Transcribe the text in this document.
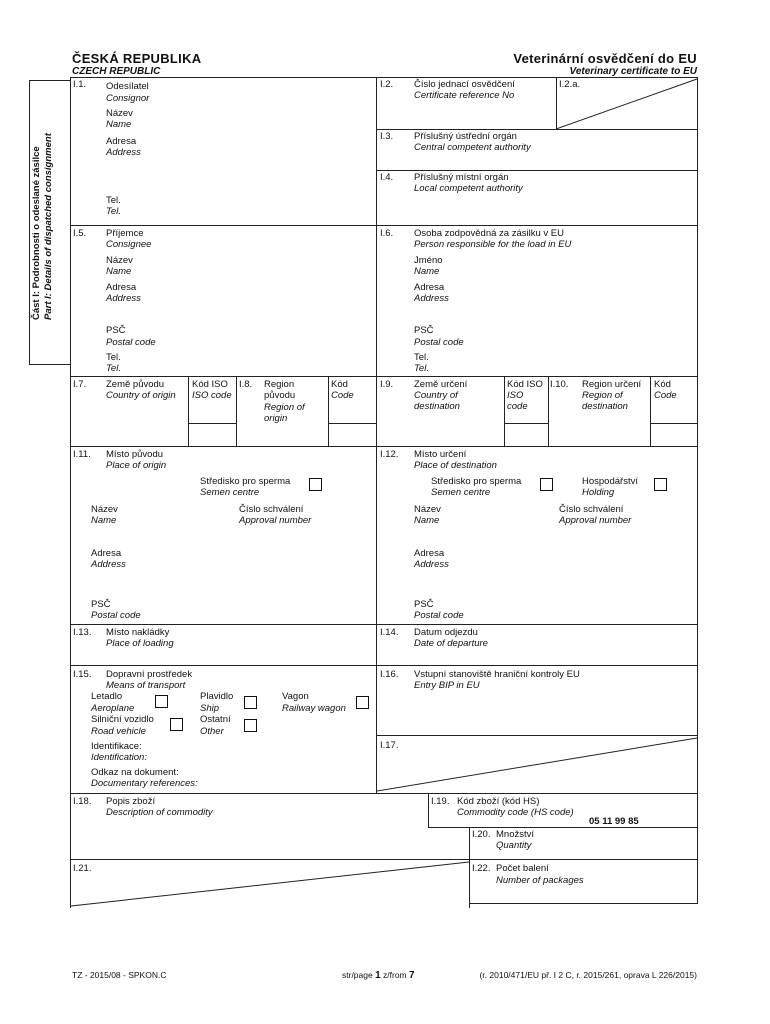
ČESKÁ REPUBLIKA
CZECH REPUBLIC
Veterinární osvědčení do EU
Veterinary certificate to EU
Část I: Podrobnosti o odeslané zásilce Part I: Details of dispatched consignment
I.1. Odesílatel
Consignor
Název
Name
Adresa
Address
Tel.
Tel.
I.2. Číslo jednací osvědčení
Certificate reference No
I.2.a.
I.3. Příslušný ústřední orgán
Central competent authority
I.4. Příslušný místní orgán
Local competent authority
I.5. Příjemce
Consignee
Název
Name
Adresa
Address
PSČ
Postal code
Tel.
Tel.
I.6. Osoba zodpovědná za zásilku v EU
Person responsible for the load in EU
Jméno
Name
Adresa
Address
PSČ
Postal code
Tel.
Tel.
I.7. Země původu
Country of origin
Kód ISO
ISO code
I.8. Region
původu
Region of
origin
Kód
Code
I.9. Země určení
Country of
destination
Kód ISO
ISO
code
I.10. Region určení
Region of
destination
Kód
Code
I.11. Místo původu
Place of origin
Středisko pro sperma
Semen centre
Název
Name
Číslo schválení
Approval number
Adresa
Address
PSČ
Postal code
I.12. Místo určení
Place of destination
Středisko pro sperma
Semen centre
Hospodářství
Holding
Název
Name
Číslo schválení
Approval number
Adresa
Address
PSČ
Postal code
I.13. Místo nakládky
Place of loading
I.14. Datum odjezdu
Date of departure
I.15. Dopravní prostředek
Means of transport
Letadlo
Aeroplane
Plavidlo
Ship
Vagon
Railway wagon
Silniční vozidlo
Road vehicle
Ostatní
Other
Identifikace:
Identification:
Odkaz na dokument:
Documentary references:
I.16. Vstupní stanoviště hraniční kontroly EU
Entry BIP in EU
I.17.
I.18. Popis zboží
Description of commodity
I.19. Kód zboží (kód HS)
Commodity code (HS code)
05 11 99 85
I.20. Množství
Quantity
I.21.	I.22. Počet balení
Number of packages
TZ - 2015/08 - SPKON.C	str/page 1 z/from 7	(r. 2010/471/EU př. I 2 C, r. 2015/261, oprava L 226/2015)
